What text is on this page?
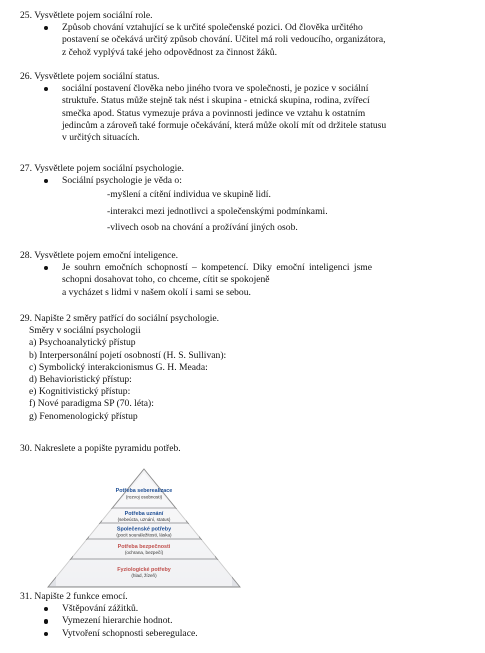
25. Vysvětlete pojem sociální role.

Způsob chování vztahující se k určité společenské pozici. Od člověka určitého
postavení se očekává určitý způsob chování. Učitel má roli vedoucího, organizátora,
z čehož vyplývá také jeho odpovědnost za činnost žáků.

26. Vysvětlete pojem sociální status.

sociální postavení člověka nebo jiného tvora ve společnosti, je pozice v sociální
struktuře. Status může stejně tak nést i skupina - etnická skupina, rodina, zvířecí
smečka apod. Status vymezuje práva a povinnosti jedince ve vztahu k ostatním
jedincům a zároveň také formuje očekávání, která může okolí mít od držitele statusu
v určitých situacích.

27. Vysvětlete pojem sociální psychologie.

Sociální psychologie je věda o:
-myšlení a cítění individua ve skupině lidí.
-interakci mezi jednotlivci a společenskými podmínkami.
-vlivech osob na chování a prožívání jiných osob.

28. Vysvětlete pojem emoční inteligence.

Je souhrn emočních schopností – kompetencí. Diky emoční inteligenci jsme
schopni dosahovat toho, co chceme, cítit se spokojeně
a vycházet s lidmi v našem okolí i sami se sebou.

29. Napište 2 směry patřící do sociální psychologie.

Směry v sociální psychologii
a) Psychoanalytický přístup
b) Interpersonální pojetí osobností (H. S. Sullivan):
c) Symbolický interakcionismus G. H. Meada:
d) Behavioristický přístup:
e) Kognitivistický přístup:
f) Nové paradigma SP (70. léta):
g) Fenomenologický přístup

30. Nakreslete a popište pyramidu potřeb.

Potřeba seberealizace
(rozvoj osobnosti)
Potřeba uznání
(sebeúcta, uznání, status)
Společenské potřeby
(pocit sounáležitosti, láska)
Potřeba bezpečnosti
(ochrana, bezpečí)
Fyziologické potřeby
(hlad, žízeň)

31. Napište 2 funkce emocí.

Vštěpování zážitků.
Vymezení hierarchie hodnot.
Vytvoření schopnosti seberegulace.
